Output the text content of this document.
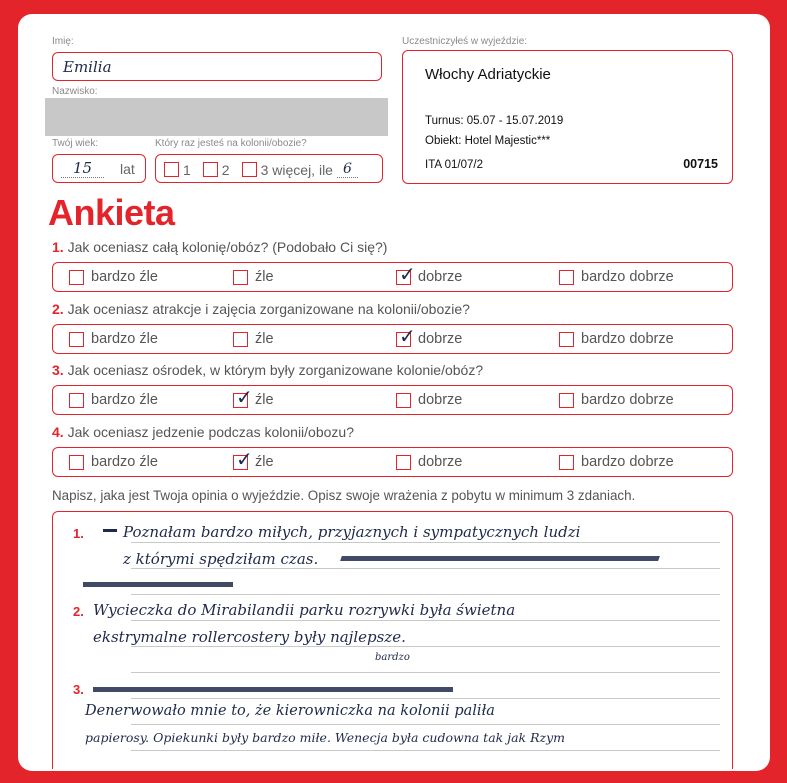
Imię:
Emilia
Nazwisko:
Twój wiek:
15	lat
Który raz jesteś na kolonii/obozie?
1 2 3 więcej, ile 6
Uczestniczyłeś w wyjeździe:
Włochy Adriatyckie
Turnus: 05.07 - 15.07.2019
Obiekt: Hotel Majestic***
ITA 01/07/2	00715
Ankieta
1. Jak oceniasz całą kolonię/obóz? (Podobało Ci się?)
bardzo źle	źle	✓ dobrze	bardzo dobrze
2. Jak oceniasz atrakcje i zajęcia zorganizowane na kolonii/obozie?
bardzo źle	źle	✓ dobrze	bardzo dobrze
3. Jak oceniasz ośrodek, w którym były zorganizowane kolonie/obóz?
bardzo źle	✓ źle	dobrze	bardzo dobrze
4. Jak oceniasz jedzenie podczas kolonii/obozu?
bardzo źle	✓ źle	dobrze	bardzo dobrze
Napisz, jaka jest Twoja opinia o wyjeździe. Opisz swoje wrażenia z pobytu w minimum 3 zdaniach.
1.	Poznałam bardzo miłych, przyjaznych i sympatycznych ludzi
z którymi spędziłam czas.
2. Wycieczka do Mirabilandii parku rozrywki była świetna
ekstrymalne rollercostery były najlepsze.
bardzo
3.
Denerwowało mnie to, że kierowniczka na kolonii paliła
papierosy. Opiekunki były bardzo miłe. Wenecja była cudowna tak jak Rzym
